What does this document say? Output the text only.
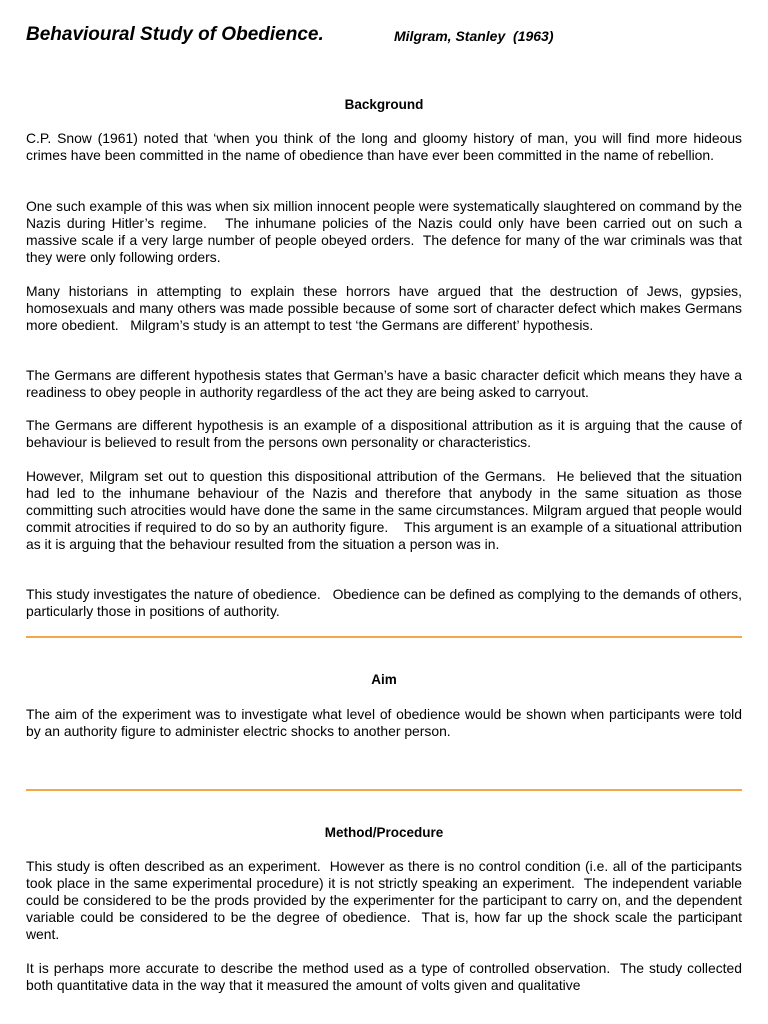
Behavioural Study of Obedience.	Milgram, Stanley  (1963)
Background

C.P. Snow (1961) noted that ‘when you think of the long and gloomy history of man, you will find more hideous crimes have been committed in the name of obedience than have ever been committed in the name of rebellion.

One such example of this was when six million innocent people were systematically slaughtered on command by the Nazis during Hitler’s regime.   The inhumane policies of the Nazis could only have been carried out on such a massive scale if a very large number of people obeyed orders.  The defence for many of the war criminals was that they were only following orders.

Many historians in attempting to explain these horrors have argued that the destruction of Jews, gypsies, homosexuals and many others was made possible because of some sort of character defect which makes Germans more obedient.   Milgram’s study is an attempt to test ‘the Germans are different’ hypothesis.

The Germans are different hypothesis states that German’s have a basic character deficit which means they have a readiness to obey people in authority regardless of the act they are being asked to carryout.

The Germans are different hypothesis is an example of a dispositional attribution as it is arguing that the cause of behaviour is believed to result from the persons own personality or characteristics.

However, Milgram set out to question this dispositional attribution of the Germans.  He believed that the situation had led to the inhumane behaviour of the Nazis and therefore that anybody in the same situation as those committing such atrocities would have done the same in the same circumstances. Milgram argued that people would commit atrocities if required to do so by an authority figure.    This argument is an example of a situational attribution as it is arguing that the behaviour resulted from the situation a person was in.

This study investigates the nature of obedience.   Obedience can be defined as complying to the demands of others, particularly those in positions of authority.

Aim

The aim of the experiment was to investigate what level of obedience would be shown when participants were told by an authority figure to administer electric shocks to another person.

Method/Procedure

This study is often described as an experiment.  However as there is no control condition (i.e. all of the participants took place in the same experimental procedure) it is not strictly speaking an experiment.  The independent variable could be considered to be the prods provided by the experimenter for the participant to carry on, and the dependent variable could be considered to be the degree of obedience.  That is, how far up the shock scale the participant went.

It is perhaps more accurate to describe the method used as a type of controlled observation.  The study collected both quantitative data in the way that it measured the amount of volts given and qualitative
